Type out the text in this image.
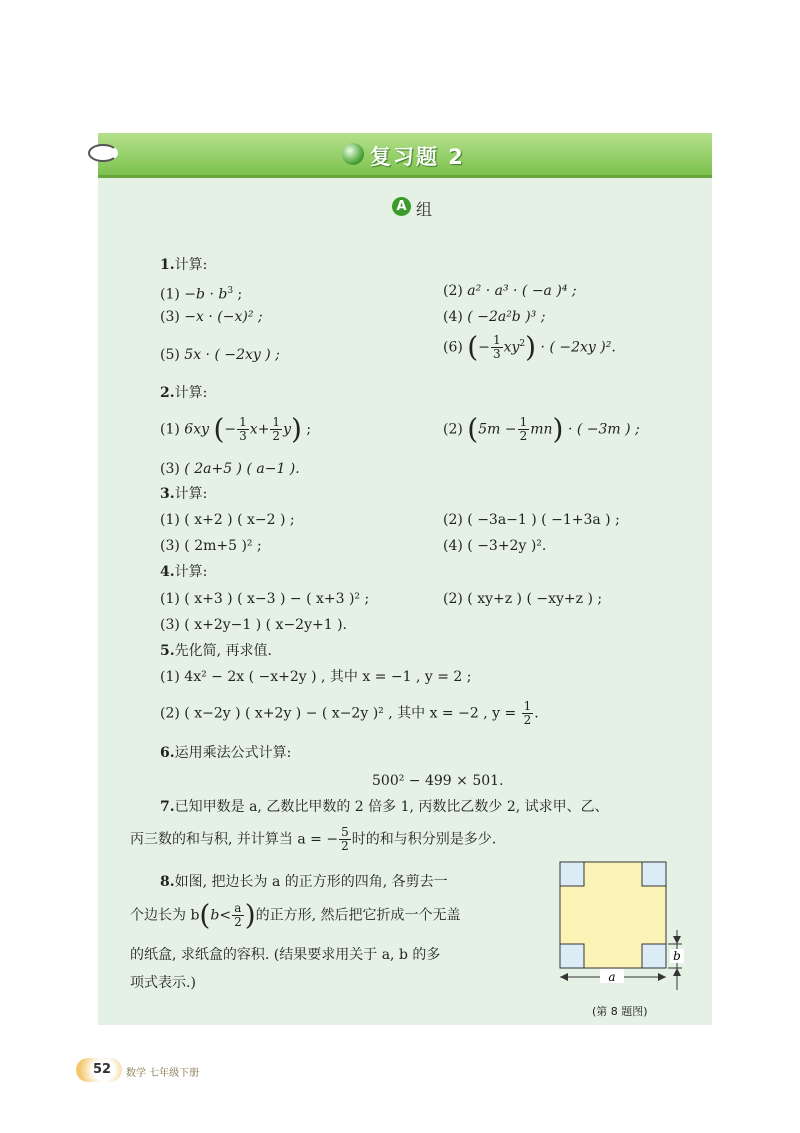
复习题 2
A 组
1.计算:
$(1) -b \cdot b^3$ ;	(2) a² · a³ · ( −a )⁴ ;
(3) −x · (−x)² ;	(4) ( −2a²b )³ ;
(5) 5x · ( −2xy ) ;	(6) (− $\frac{1}{3} xy^2$) · ( −2xy )².
2.计算:
(1) 6xy (− $\frac{1}{3} x+ \frac{1}{2} y$) ;	(2) $(5m - \frac{1}{2} mn)$ · ( −3m ) ;
(3) ( 2a+5 ) ( a−1 ).
3.计算:
(1) ( x+2 ) ( x−2 ) ;	(2) ( −3a−1 ) ( −1+3a ) ;
(3) ( 2m+5 )² ;	(4) ( −3+2y )².
4.计算:
(1) ( x+3 ) ( x−3 ) − ( x+3 )² ;	(2) ( xy+z ) ( −xy+z ) ;
(3) ( x+2y−1 ) ( x−2y+1 ).
5.先化简, 再求值.
(1) 4x² − 2x ( −x+2y ) , 其中 x = −1 , y = 2 ;
(2) ( x−2y ) ( x+2y ) − ( x−2y )² , 其中 x = −2 , $y = \frac{1}{2}$ .
6.运用乘法公式计算:
500² − 499 × 501.
7.已知甲数是 a, 乙数比甲数的 2 倍多 1, 丙数比乙数少 2, 试求甲、乙、
丙三数的和与积, 并计算当 a = − $\frac{5}{2}$ 时的和与积分别是多少.
8.如图, 把边长为 a 的正方形的四角, 各剪去一
个边长为 $b(b< \frac{a}{2}$ )的正方形, 然后把它折成一个无盖
的纸盒, 求纸盒的容积. (结果要求用关于 a, b 的多
项式表示.)	a
b
(第 8 题图)
52 数学 七年级下册
